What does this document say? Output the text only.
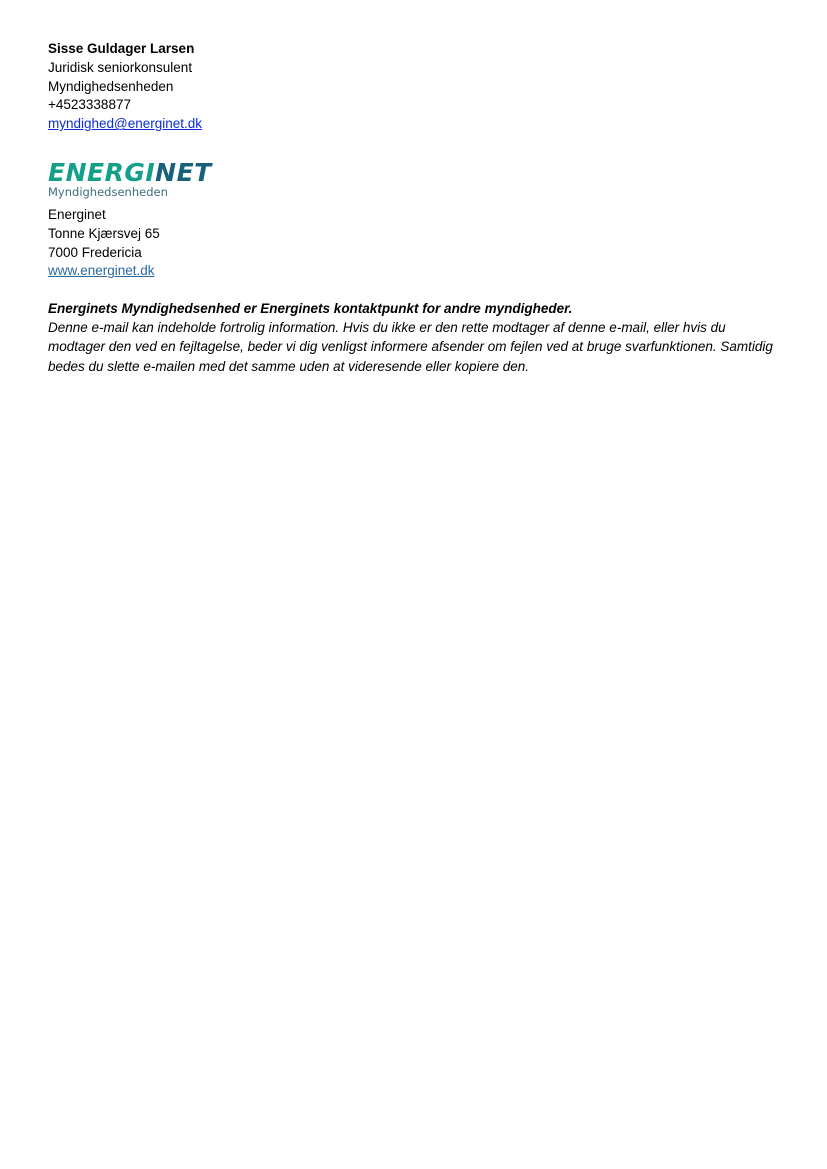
Sisse Guldager Larsen
Juridisk seniorkonsulent
Myndighedsenheden
+4523338877
myndighed@energinet.dk
ENERGINET
Myndighedsenheden
Energinet
Tonne Kjærsvej 65
7000 Fredericia
www.energinet.dk
Energinets Myndighedsenhed er Energinets kontaktpunkt for andre myndigheder.
Denne e-mail kan indeholde fortrolig information. Hvis du ikke er den rette modtager af denne e-mail, eller hvis du modtager den ved en fejltagelse, beder vi dig venligst informere afsender om fejlen ved at bruge svarfunktionen. Samtidig bedes du slette e-mailen med det samme uden at videresende eller kopiere den.
